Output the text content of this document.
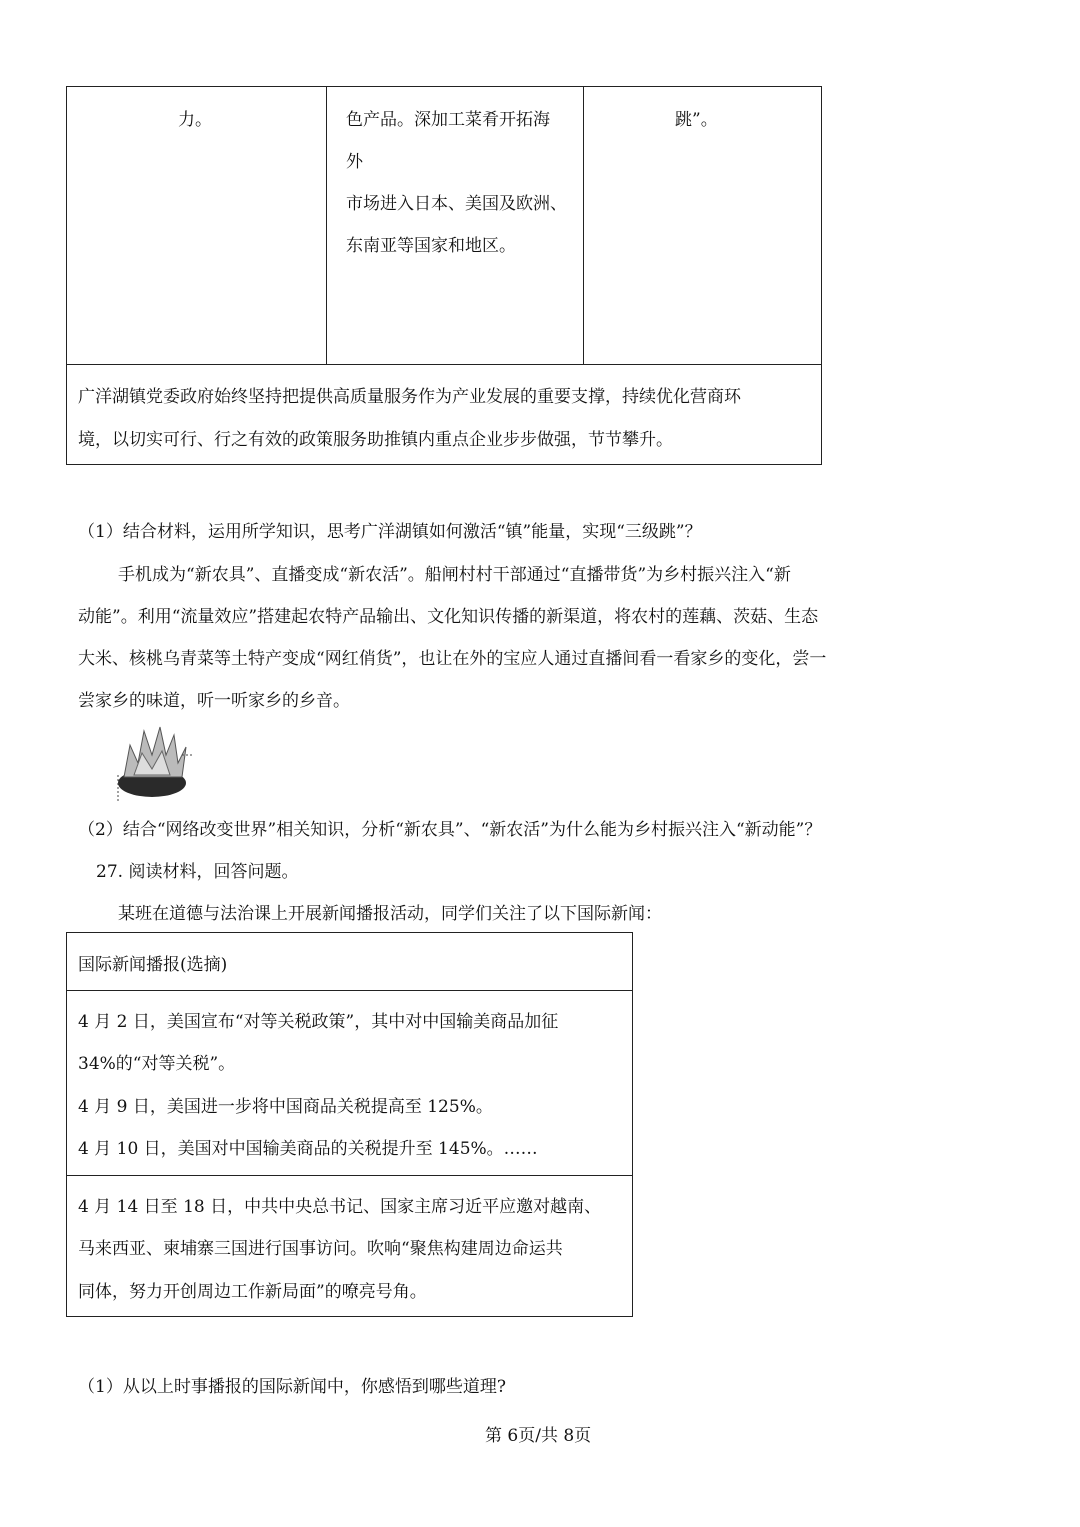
力。	色产品。深加工菜肴开拓海
外
市场进入日本、美国及欧洲、
东南亚等国家和地区。
跳”。
广洋湖镇党委政府始终坚持把提供高质量服务作为产业发展的重要支撑，持续优化营商环
境，以切实可行、行之有效的政策服务助推镇内重点企业步步做强，节节攀升。
（1）结合材料，运用所学知识，思考广洋湖镇如何激活“镇”能量，实现“三级跳”？
手机成为“新农具”、直播变成“新农活”。船闸村村干部通过“直播带货”为乡村振兴注入“新
动能”。利用“流量效应”搭建起农特产品输出、文化知识传播的新渠道，将农村的莲藕、茨菇、生态
大米、核桃乌青菜等土特产变成“网红俏货”，也让在外的宝应人通过直播间看一看家乡的变化，尝一
尝家乡的味道，听一听家乡的乡音。
（2）结合“网络改变世界”相关知识，分析“新农具”、“新农活”为什么能为乡村振兴注入“新动能”？
27. 阅读材料，回答问题。
某班在道德与法治课上开展新闻播报活动，同学们关注了以下国际新闻：
国际新闻播报(选摘)
4 月 2 日，美国宣布“对等关税政策”，其中对中国输美商品加征
34%的“对等关税”。
4 月 9 日，美国进一步将中国商品关税提高至 125%。
4 月 10 日，美国对中国输美商品的关税提升至 145%。……
4 月 14 日至 18 日，中共中央总书记、国家主席习近平应邀对越南、
马来西亚、柬埔寨三国进行国事访问。吹响“聚焦构建周边命运共
同体，努力开创周边工作新局面”的嘹亮号角。
（1）从以上时事播报的国际新闻中，你感悟到哪些道理?
第 6页/共 8页
